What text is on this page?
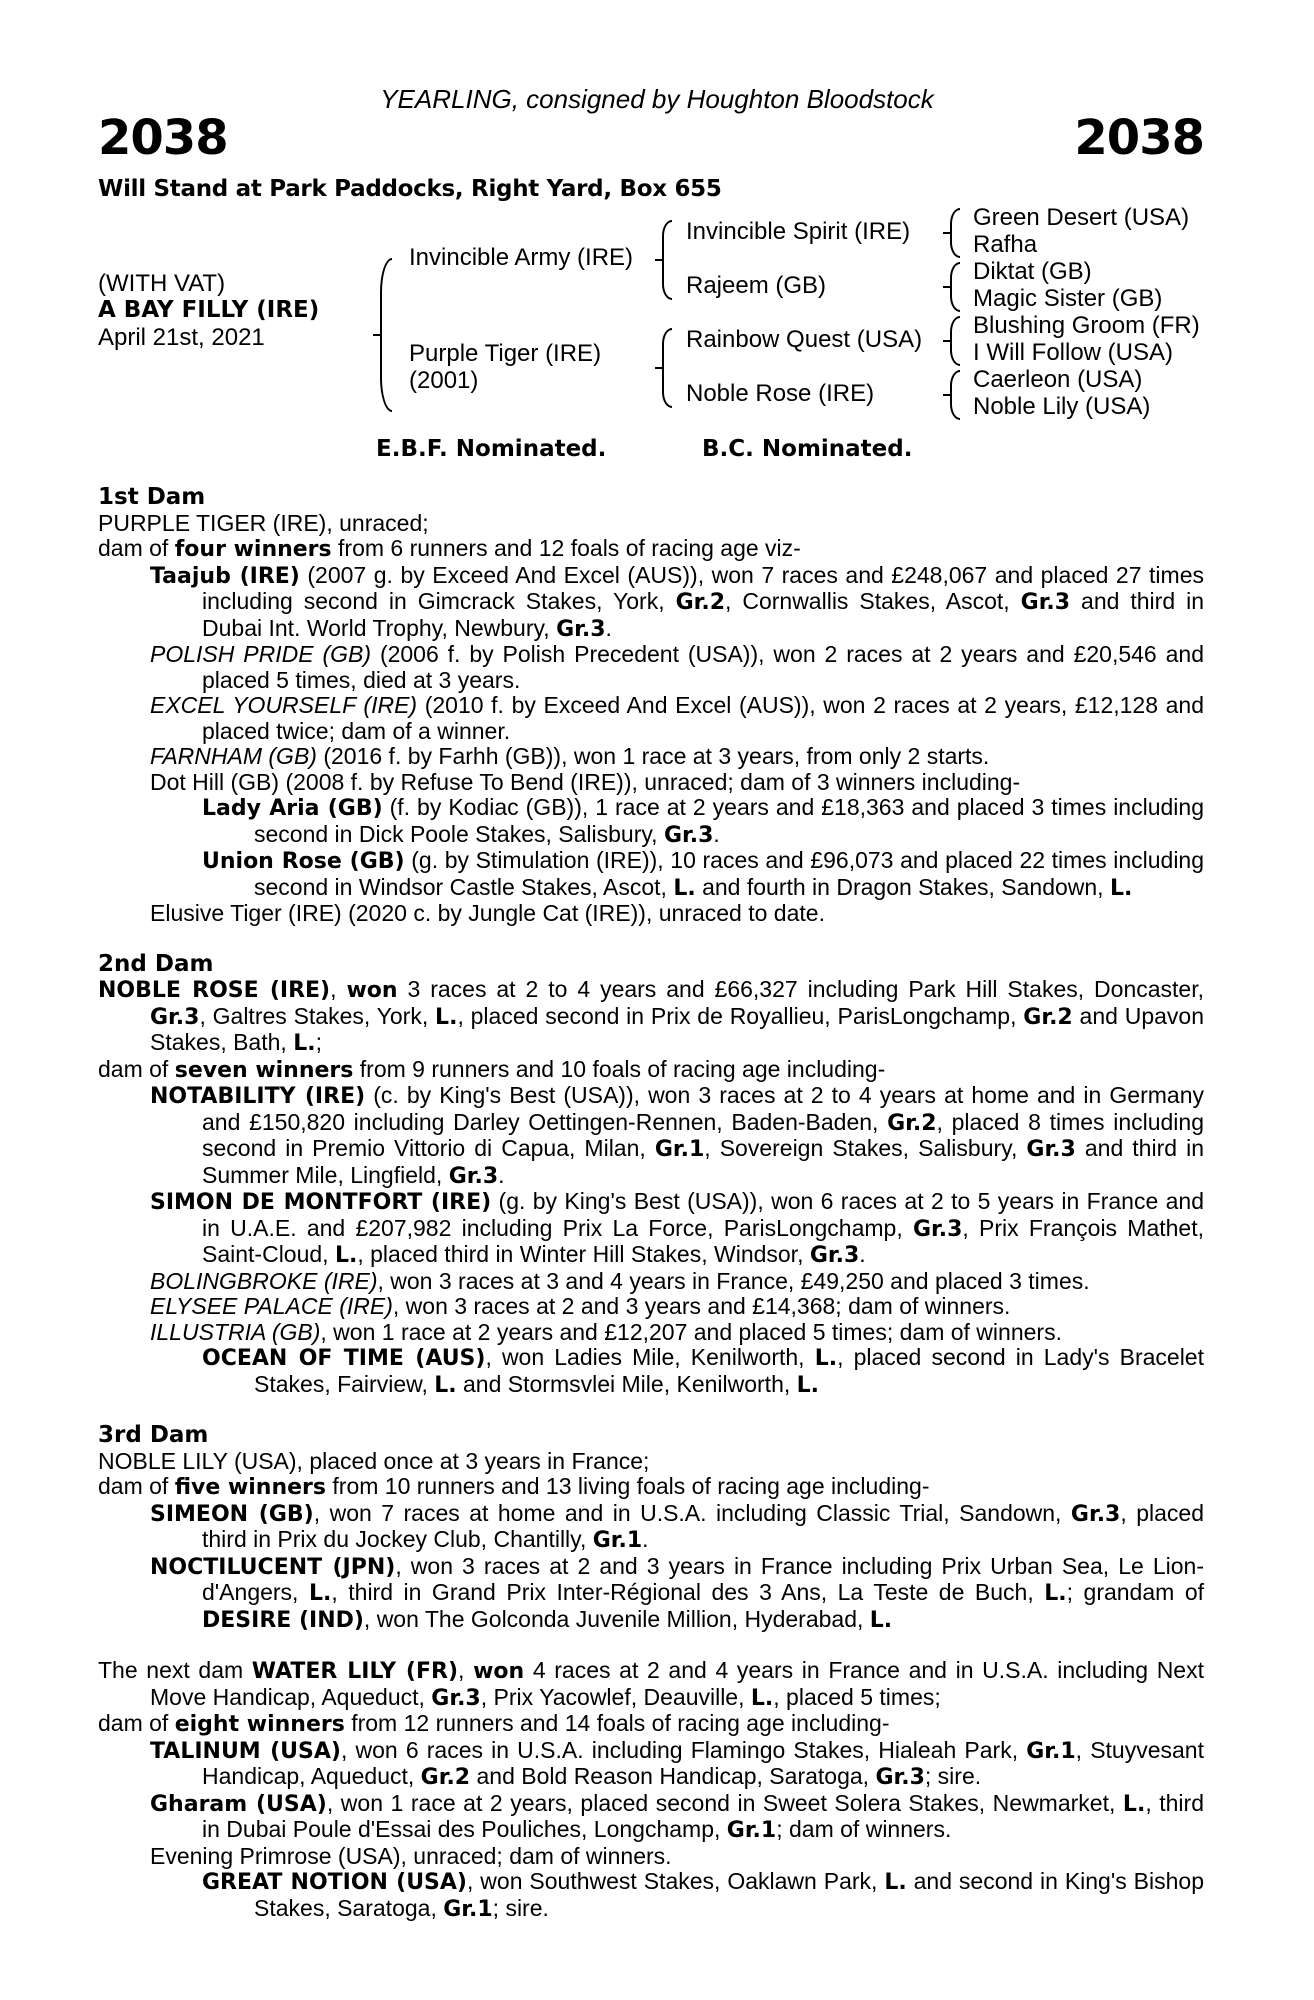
YEARLING, consigned by Houghton Bloodstock
2038	2038
Will Stand at Park Paddocks, Right Yard, Box 655
(WITH VAT)
A BAY FILLY (IRE)
April 21st, 2021
Invincible Army (IRE)
Purple Tiger (IRE)
(2001)
Invincible Spirit (IRE)
Rajeem (GB)
Rainbow Quest (USA)
Noble Rose (IRE)
Green Desert (USA)
Rafha
Diktat (GB)
Magic Sister (GB)
Blushing Groom (FR)
I Will Follow (USA)
Caerleon (USA)
Noble Lily (USA)
E.B.F. Nominated.	B.C. Nominated.
1st Dam
PURPLE TIGER (IRE), unraced;
dam of four winners from 6 runners and 12 foals of racing age viz-
Taajub (IRE) (2007 g. by Exceed And Excel (AUS)), won 7 races and £248,067 and placed 27 times including second in Gimcrack Stakes, York, Gr.2, Cornwallis Stakes, Ascot, Gr.3 and third in Dubai Int. World Trophy, Newbury, Gr.3.
POLISH PRIDE (GB) (2006 f. by Polish Precedent (USA)), won 2 races at 2 years and £20,546 and placed 5 times, died at 3 years.
EXCEL YOURSELF (IRE) (2010 f. by Exceed And Excel (AUS)), won 2 races at 2 years, £12,128 and placed twice; dam of a winner.
FARNHAM (GB) (2016 f. by Farhh (GB)), won 1 race at 3 years, from only 2 starts.
Dot Hill (GB) (2008 f. by Refuse To Bend (IRE)), unraced; dam of 3 winners including-
Lady Aria (GB) (f. by Kodiac (GB)), 1 race at 2 years and £18,363 and placed 3 times including second in Dick Poole Stakes, Salisbury, Gr.3.
Union Rose (GB) (g. by Stimulation (IRE)), 10 races and £96,073 and placed 22 times including second in Windsor Castle Stakes, Ascot, L. and fourth in Dragon Stakes, Sandown, L.
Elusive Tiger (IRE) (2020 c. by Jungle Cat (IRE)), unraced to date.
2nd Dam
NOBLE ROSE (IRE), won 3 races at 2 to 4 years and £66,327 including Park Hill Stakes, Doncaster, Gr.3, Galtres Stakes, York, L., placed second in Prix de Royallieu, ParisLongchamp, Gr.2 and Upavon Stakes, Bath, L.;
dam of seven winners from 9 runners and 10 foals of racing age including-
NOTABILITY (IRE) (c. by King's Best (USA)), won 3 races at 2 to 4 years at home and in Germany and £150,820 including Darley Oettingen-Rennen, Baden-Baden, Gr.2, placed 8 times including second in Premio Vittorio di Capua, Milan, Gr.1, Sovereign Stakes, Salisbury, Gr.3 and third in Summer Mile, Lingfield, Gr.3.
SIMON DE MONTFORT (IRE) (g. by King's Best (USA)), won 6 races at 2 to 5 years in France and in U.A.E. and £207,982 including Prix La Force, ParisLongchamp, Gr.3, Prix François Mathet, Saint-Cloud, L., placed third in Winter Hill Stakes, Windsor, Gr.3.
BOLINGBROKE (IRE), won 3 races at 3 and 4 years in France, £49,250 and placed 3 times.
ELYSEE PALACE (IRE), won 3 races at 2 and 3 years and £14,368; dam of winners.
ILLUSTRIA (GB), won 1 race at 2 years and £12,207 and placed 5 times; dam of winners.
OCEAN OF TIME (AUS), won Ladies Mile, Kenilworth, L., placed second in Lady's Bracelet Stakes, Fairview, L. and Stormsvlei Mile, Kenilworth, L.
3rd Dam
NOBLE LILY (USA), placed once at 3 years in France;
dam of five winners from 10 runners and 13 living foals of racing age including-
SIMEON (GB), won 7 races at home and in U.S.A. including Classic Trial, Sandown, Gr.3, placed third in Prix du Jockey Club, Chantilly, Gr.1.
NOCTILUCENT (JPN), won 3 races at 2 and 3 years in France including Prix Urban Sea, Le Lion-d'Angers, L., third in Grand Prix Inter-Régional des 3 Ans, La Teste de Buch, L.; grandam of DESIRE (IND), won The Golconda Juvenile Million, Hyderabad, L.
The next dam WATER LILY (FR), won 4 races at 2 and 4 years in France and in U.S.A. including Next Move Handicap, Aqueduct, Gr.3, Prix Yacowlef, Deauville, L., placed 5 times;
dam of eight winners from 12 runners and 14 foals of racing age including-
TALINUM (USA), won 6 races in U.S.A. including Flamingo Stakes, Hialeah Park, Gr.1, Stuyvesant Handicap, Aqueduct, Gr.2 and Bold Reason Handicap, Saratoga, Gr.3; sire.
Gharam (USA), won 1 race at 2 years, placed second in Sweet Solera Stakes, Newmarket, L., third in Dubai Poule d'Essai des Pouliches, Longchamp, Gr.1; dam of winners.
Evening Primrose (USA), unraced; dam of winners.
GREAT NOTION (USA), won Southwest Stakes, Oaklawn Park, L. and second in King's Bishop Stakes, Saratoga, Gr.1; sire.
